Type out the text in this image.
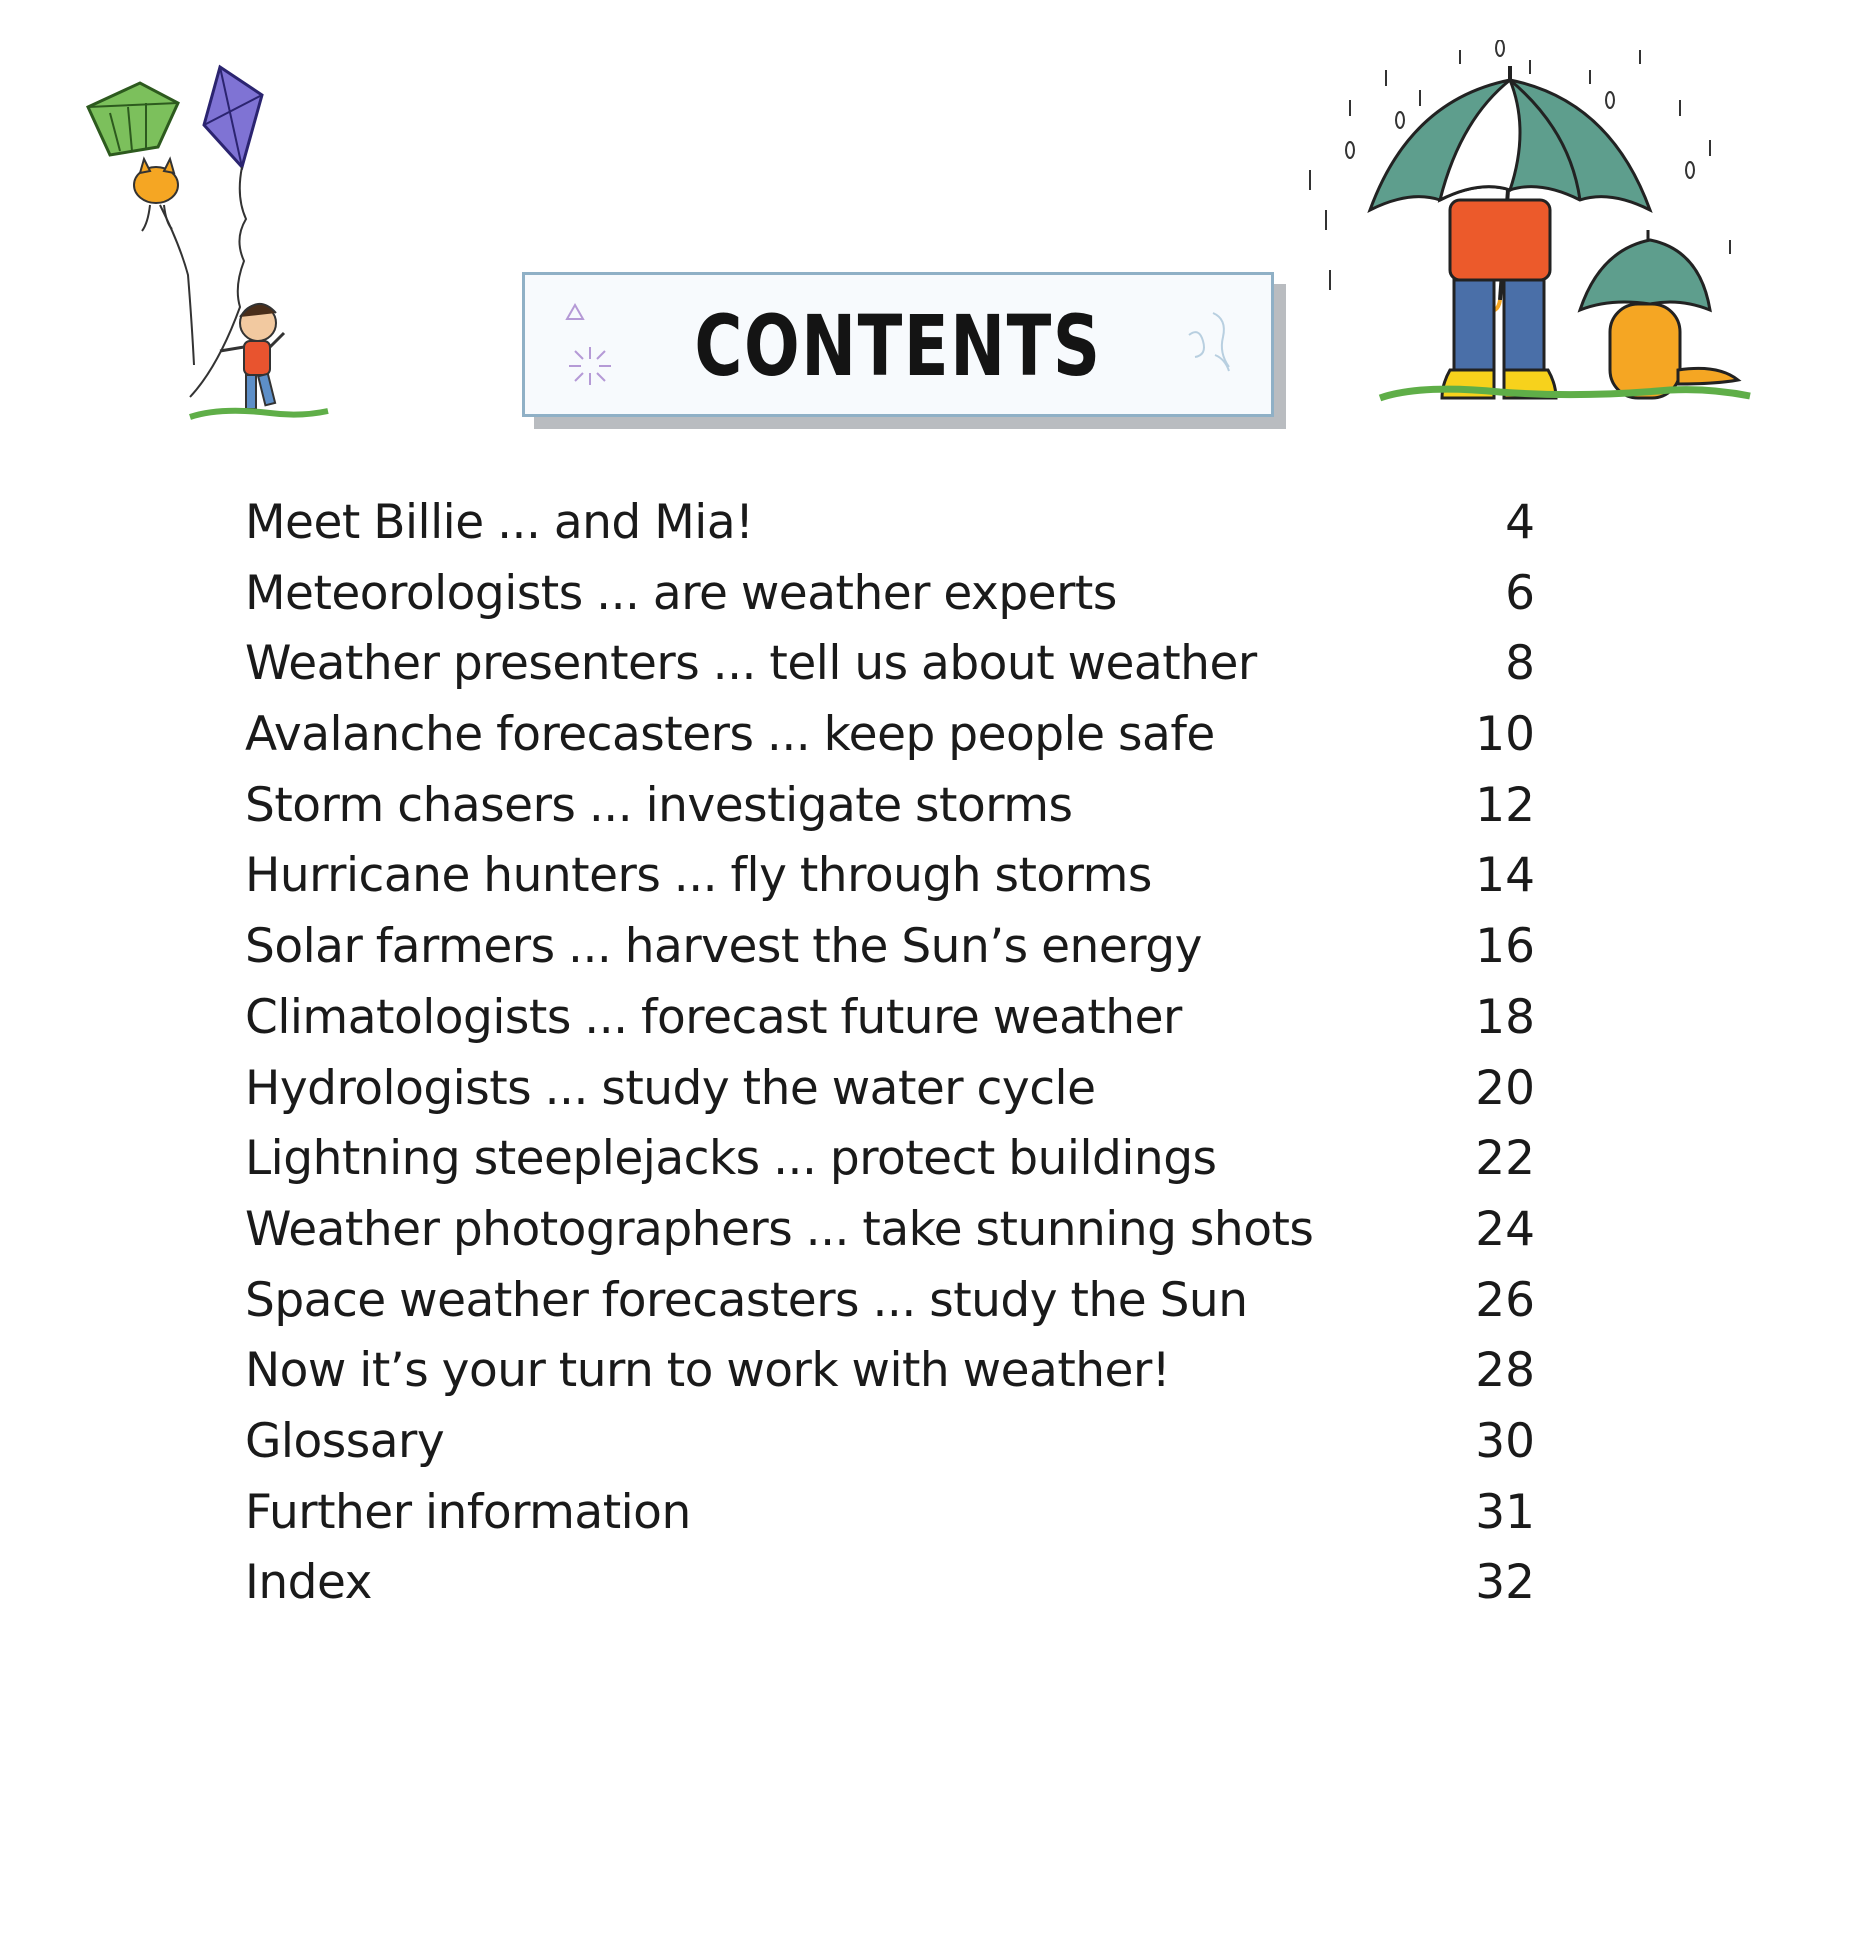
CONTENTS
Meet Billie ... and Mia!	4
Meteorologists ... are weather experts	6
Weather presenters ... tell us about weather	8
Avalanche forecasters ... keep people safe	10
Storm chasers ... investigate storms	12
Hurricane hunters ... fly through storms	14
Solar farmers ... harvest the Sun’s energy	16
Climatologists ... forecast future weather	18
Hydrologists ... study the water cycle	20
Lightning steeplejacks ... protect buildings	22
Weather photographers ... take stunning shots	24
Space weather forecasters ... study the Sun	26
Now it’s your turn to work with weather!	28
Glossary	30
Further information	31
Index	32
